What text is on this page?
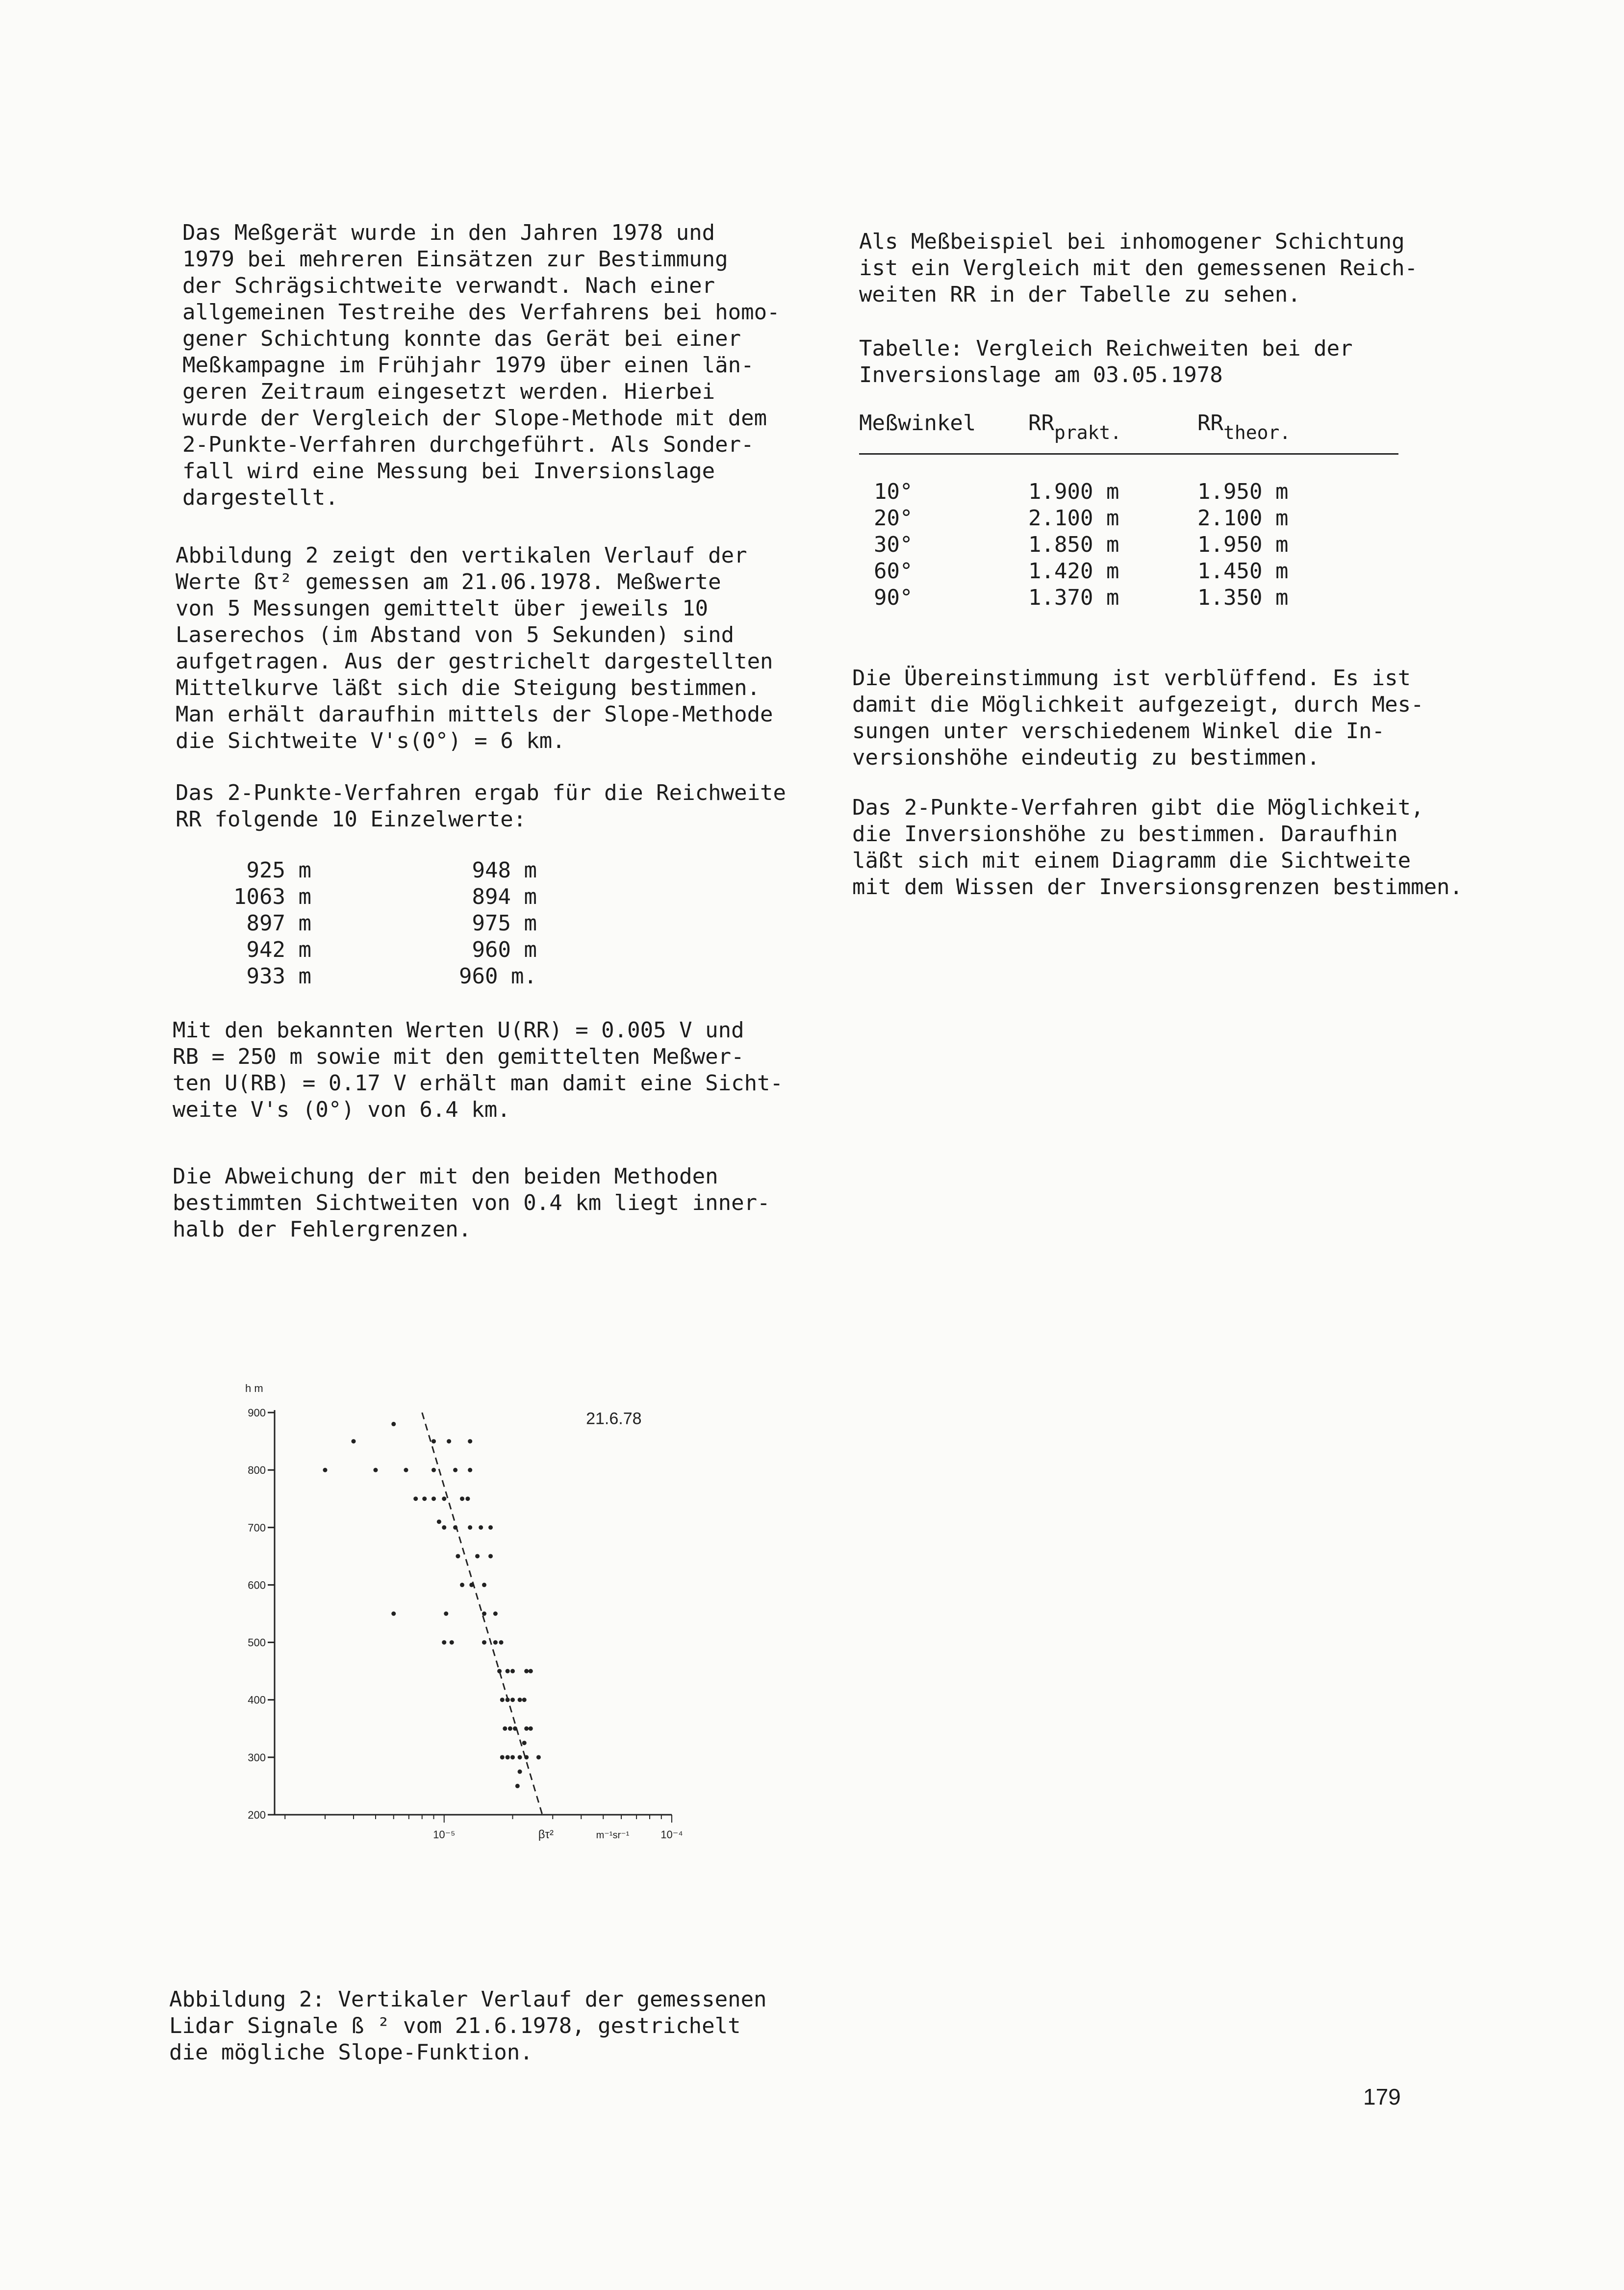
Das Meßgerät wurde in den Jahren 1978 und
1979 bei mehreren Einsätzen zur Bestimmung
der Schrägsichtweite verwandt. Nach einer
allgemeinen Testreihe des Verfahrens bei homo-
gener Schichtung konnte das Gerät bei einer
Meßkampagne im Frühjahr 1979 über einen län-
geren Zeitraum eingesetzt werden. Hierbei
wurde der Vergleich der Slope-Methode mit dem
2-Punkte-Verfahren durchgeführt. Als Sonder-
fall wird eine Messung bei Inversionslage
dargestellt.

Abbildung 2 zeigt den vertikalen Verlauf der
Werte ßτ² gemessen am 21.06.1978. Meßwerte
von 5 Messungen gemittelt über jeweils 10
Laserechos (im Abstand von 5 Sekunden) sind
aufgetragen. Aus der gestrichelt dargestellten
Mittelkurve läßt sich die Steigung bestimmen.
Man erhält daraufhin mittels der Slope-Methode
die Sichtweite V's(0°) = 6 km.

Das 2-Punkte-Verfahren ergab für die Reichweite
RR folgende 10 Einzelwerte:

925 m	948 m
1063 m	894 m
897 m	975 m
942 m	960 m
933 m	960 m.

Mit den bekannten Werten U(RR) = 0.005 V und
RB = 250 m sowie mit den gemittelten Meßwer-
ten U(RB) = 0.17 V erhält man damit eine Sicht-
weite V's (0°) von 6.4 km.

Die Abweichung der mit den beiden Methoden
bestimmten Sichtweiten von 0.4 km liegt inner-
halb der Fehlergrenzen.

Als Meßbeispiel bei inhomogener Schichtung
ist ein Vergleich mit den gemessenen Reich-
weiten RR in der Tabelle zu sehen.

Tabelle: Vergleich Reichweiten bei der
Inversionslage am 03.05.1978

Meßwinkel RRprakt.	RRtheor.
10°	1.900 m	1.950 m
20°	2.100 m	2.100 m
30°	1.850 m	1.950 m
60°	1.420 m	1.450 m
90°	1.370 m	1.350 m

Die Übereinstimmung ist verblüffend. Es ist
damit die Möglichkeit aufgezeigt, durch Mes-
sungen unter verschiedenem Winkel die In-
versionshöhe eindeutig zu bestimmen.

Das 2-Punkte-Verfahren gibt die Möglichkeit,
die Inversionshöhe zu bestimmen. Daraufhin
läßt sich mit einem Diagramm die Sichtweite
mit dem Wissen der Inversionsgrenzen bestimmen.

900
800
700
600
500
400
300
200
h m
10⁻⁵	10⁻⁴
βτ²	m⁻¹sr⁻¹
21.6.78

Abbildung 2: Vertikaler Verlauf der gemessenen
Lidar Signale ß ² vom 21.6.1978, gestrichelt
die mögliche Slope-Funktion.

179
